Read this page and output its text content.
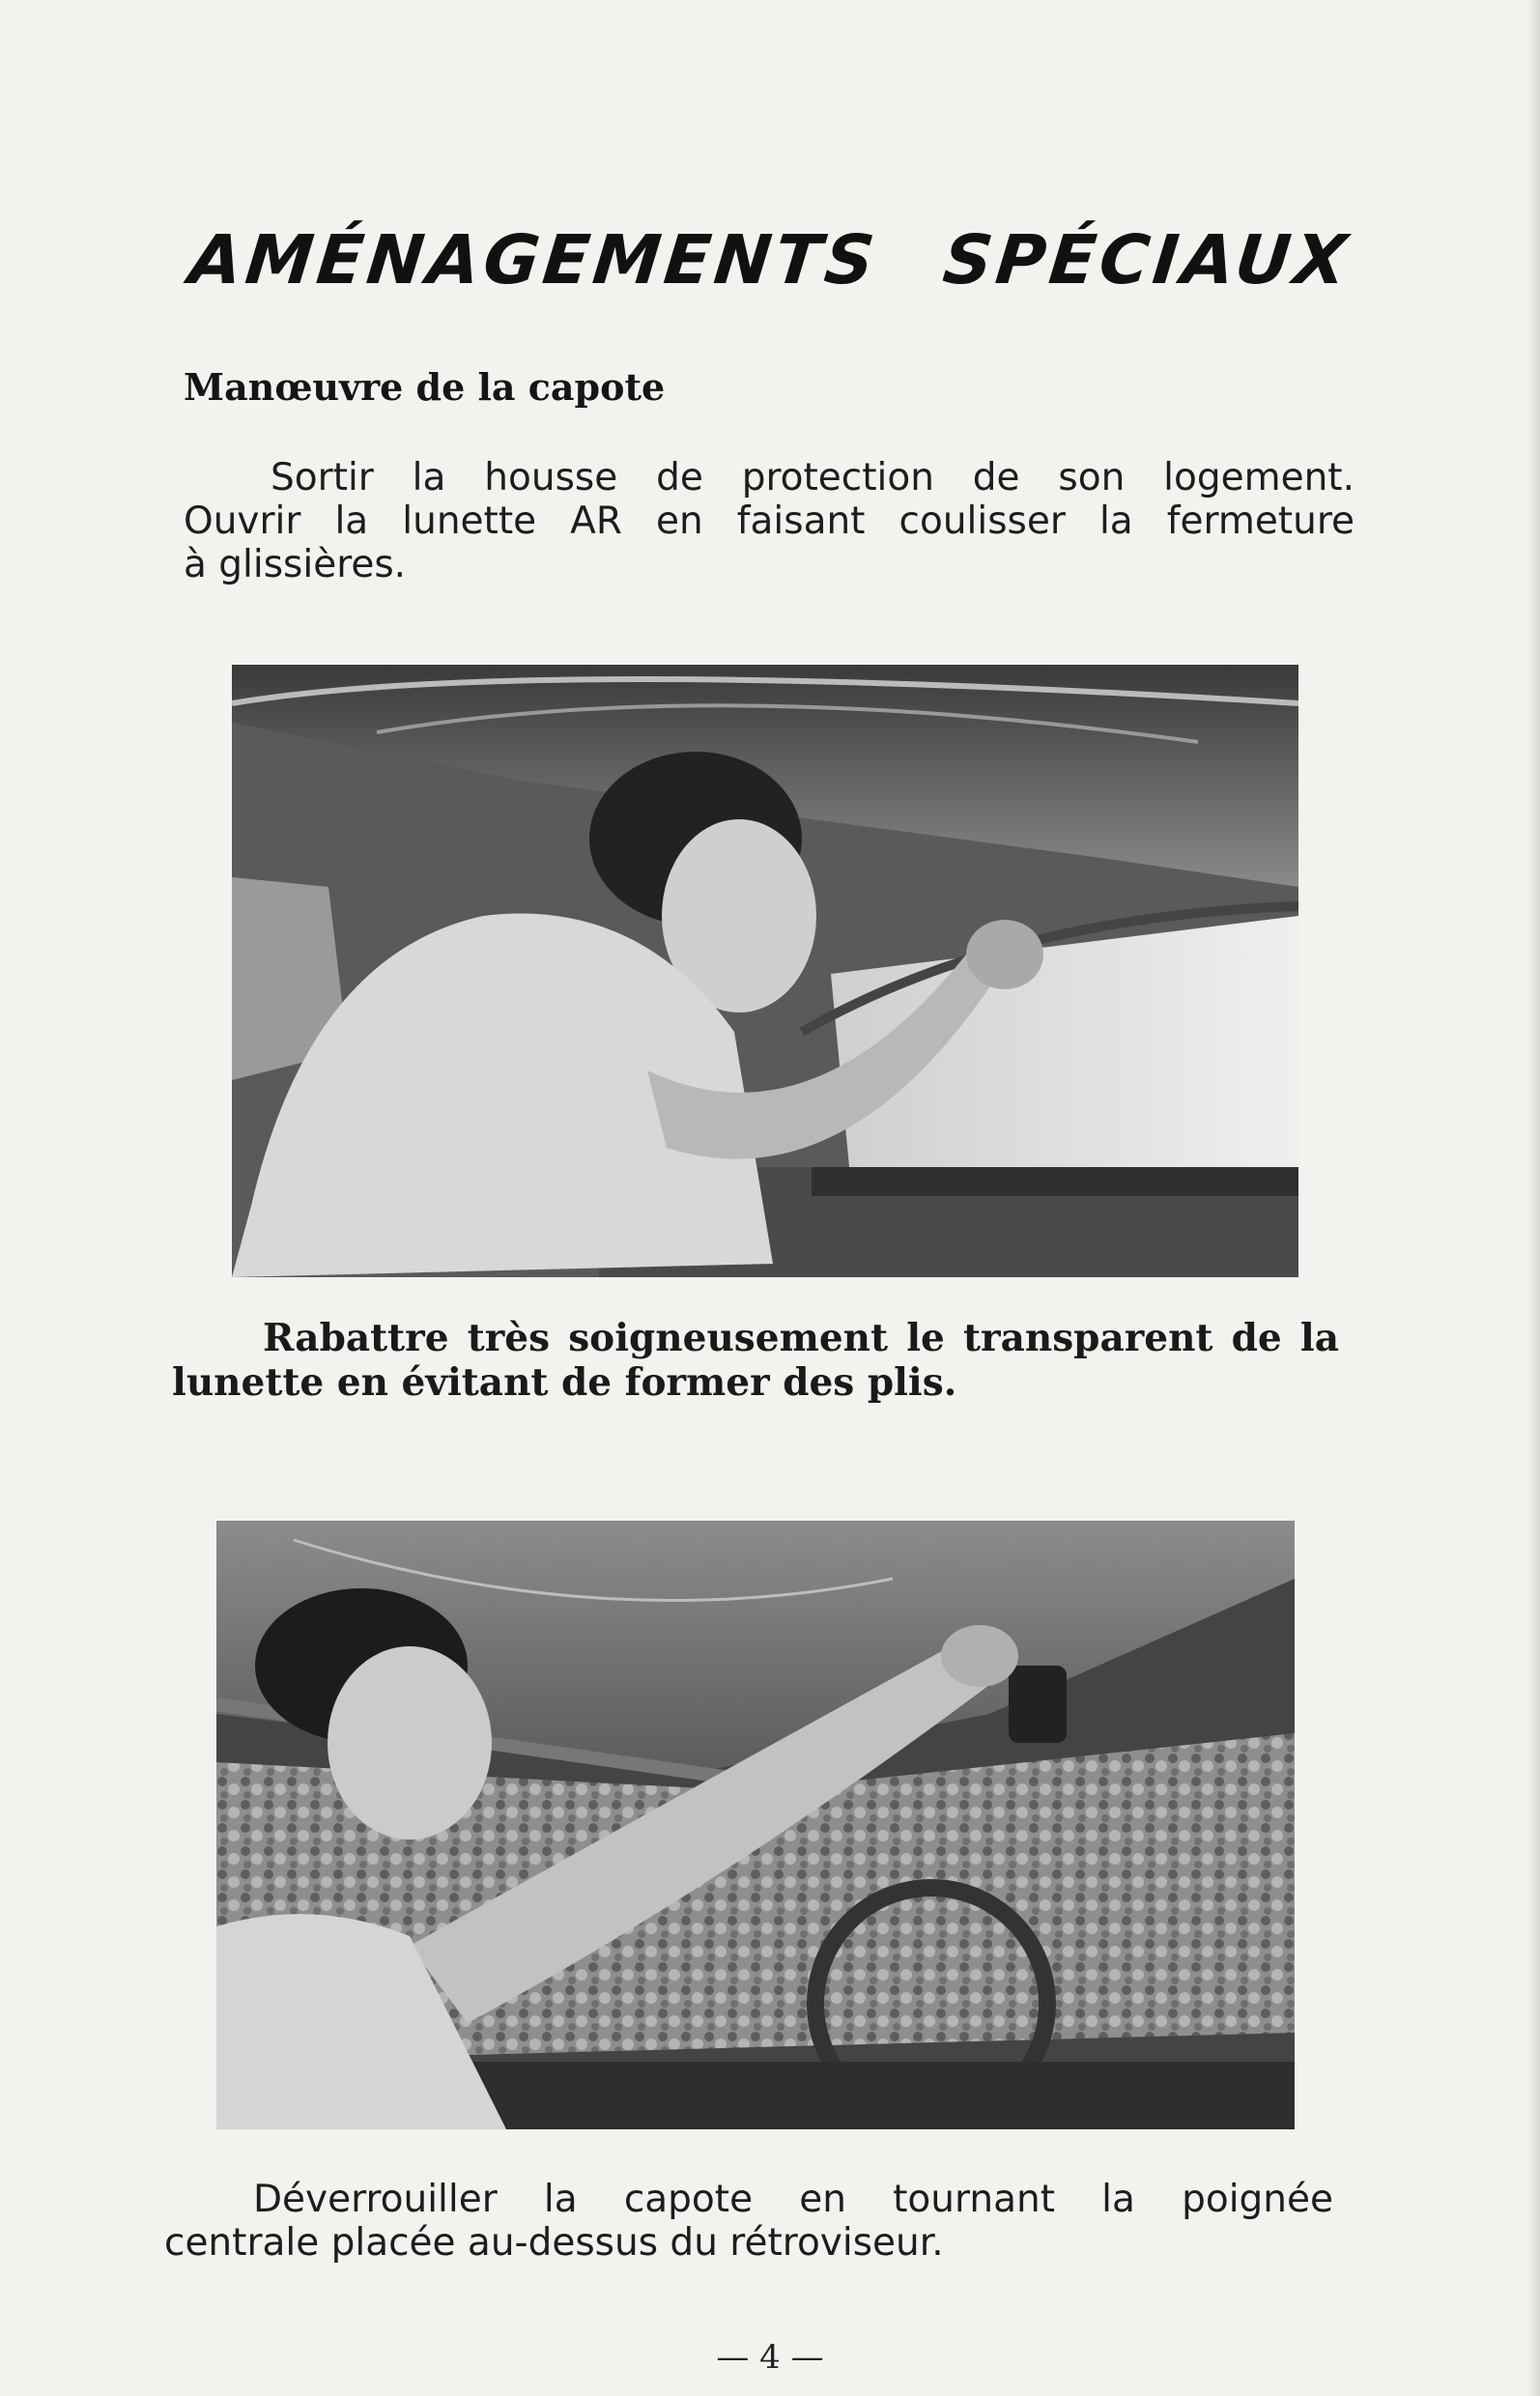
AMÉNAGEMENTS SPÉCIAUX
Manœuvre de la capote
Sortir la housse de protection de son logement.
Ouvrir la lunette AR en faisant coulisser la fermeture
à glissières.
Rabattre très soigneusement le transparent de la
lunette en évitant de former des plis.
Déverrouiller la capote en tournant la poignée
centrale placée au-dessus du rétroviseur.
— 4 —
